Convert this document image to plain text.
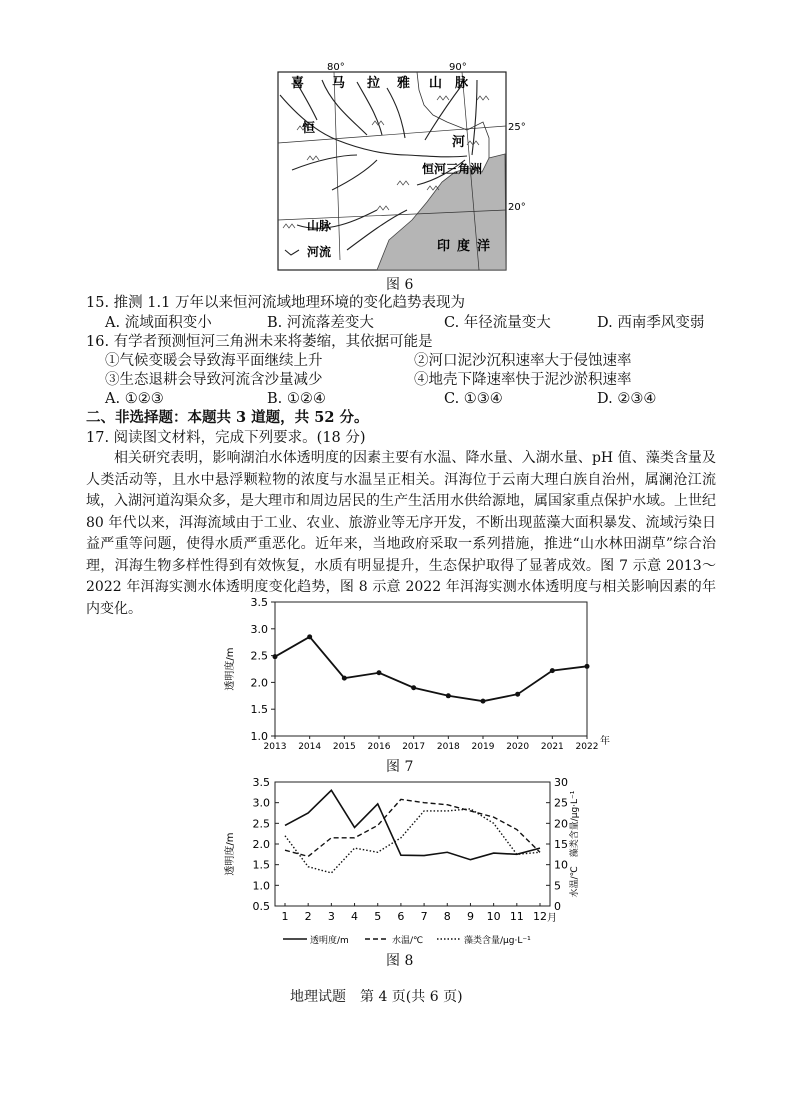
80°	90°
25°
20°
喜 马 拉 雅 山 脉
恒
河
恒河三角洲
印 度 洋
山脉
河流
图 6
15. 推测 1.1 万年以来恒河流域地理环境的变化趋势表现为
A. 流域面积变小	B. 河流落差变大	C. 年径流量变大	D. 西南季风变弱
16. 有学者预测恒河三角洲未来将萎缩，其依据可能是
①气候变暖会导致海平面继续上升	②河口泥沙沉积速率大于侵蚀速率
③生态退耕会导致河流含沙量减少	④地壳下降速率快于泥沙淤积速率
A. ①②③	B. ①②④	C. ①③④	D. ②③④
二、非选择题：本题共 3 道题，共 52 分。
17. 阅读图文材料，完成下列要求。(18 分)
相关研究表明，影响湖泊水体透明度的因素主要有水温、降水量、入湖水量、pH 值、藻类含量及人类活动等，且水中悬浮颗粒物的浓度与水温呈正相关。洱海位于云南大理白族自治州，属澜沧江流域，入湖河道沟渠众多，是大理市和周边居民的生产生活用水供给源地，属国家重点保护水域。上世纪 80 年代以来，洱海流域由于工业、农业、旅游业等无序开发，不断出现蓝藻大面积暴发、流域污染日益严重等问题，使得水质严重恶化。近年来，当地政府采取一系列措施，推进“山水林田湖草”综合治理，洱海生物多样性得到有效恢复，水质有明显提升，生态保护取得了显著成效。图 7 示意 2013～2022 年洱海实测水体透明度变化趋势，图 8 示意 2022 年洱海实测水体透明度与相关影响因素的年内变化。
1.0
1.5
2.0
2.5
3.0
3.5
2013 2014 2015 2016 2017 2018 2019 2020 2021 2022
透明度/m
年
图 7
0.5
1.0
1.5
2.0
2.5
3.0
3.5
0
5
10
15
20
25
30
1 2 3 4 5 6 7 8 9 10 11 12
透明度/m	水温/℃　藻类含量/μg·L⁻¹
月
透明度/m	水温/℃	藻类含量/μg·L⁻¹
图 8
地理试题　第 4 页(共 6 页)
